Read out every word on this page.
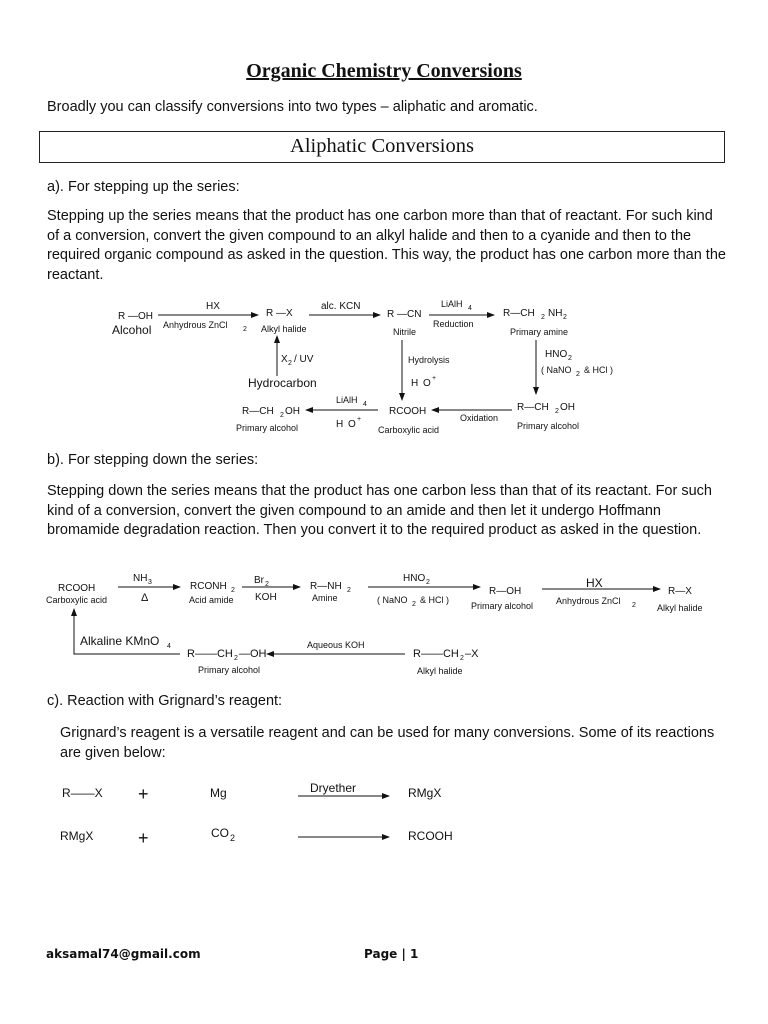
Organic Chemistry Conversions
Broadly you can classify conversions into two types – aliphatic and aromatic.
Aliphatic Conversions
a). For stepping up the series:
Stepping up the series means that the product has one carbon more than that of reactant. For such kind of a conversion, convert the given compound to an alkyl halide and then to a cyanide and then to the required organic compound as asked in the question. This way, the product has one carbon more than the reactant.
R —OH
Alcohol
HX
Anhydrous ZnCl 2
R —X
Alkyl halide
alc. KCN
R —CN
Nitrile
LiAlH 4
Reduction
R—CH 2 NH 2
Primary amine
X 2 / UV
Hydrocarbon
Hydrolysis
H O +
HNO 2
( NaNO 2 & HCl )
R—CH 2 OH
Primary alcohol
LiAlH 4
H O +
RCOOH
Carboxylic acid
Oxidation
R—CH 2 OH
Primary alcohol
b). For stepping down the series:
Stepping down the series means that the product has one carbon less than that of its reactant. For such kind of a conversion, convert the given compound to an amide and then let it undergo Hoffmann bromamide degradation reaction. Then you convert it to the required product as asked in the question.
RCOOH
Carboxylic acid
NH 3
Δ
RCONH 2
Acid amide
Br 2
KOH
R—NH 2
Amine
HNO 2
( NaNO 2 & HCl )
R—OH
Primary alcohol
HX
Anhydrous ZnCl 2
R—X
Alkyl halide
Alkaline KMnO 4
R——CH 2 —OH
Primary alcohol
Aqueous KOH
R——CH 2 –X
Alkyl halide
c). Reaction with Grignard’s reagent:
Grignard’s reagent is a versatile reagent and can be used for many conversions. Some of its reactions are given below:
R——X +	Mg	Dryether	RMgX
RMgX +	CO 2	RCOOH
aksamal74@gmail.com	Page | 1
